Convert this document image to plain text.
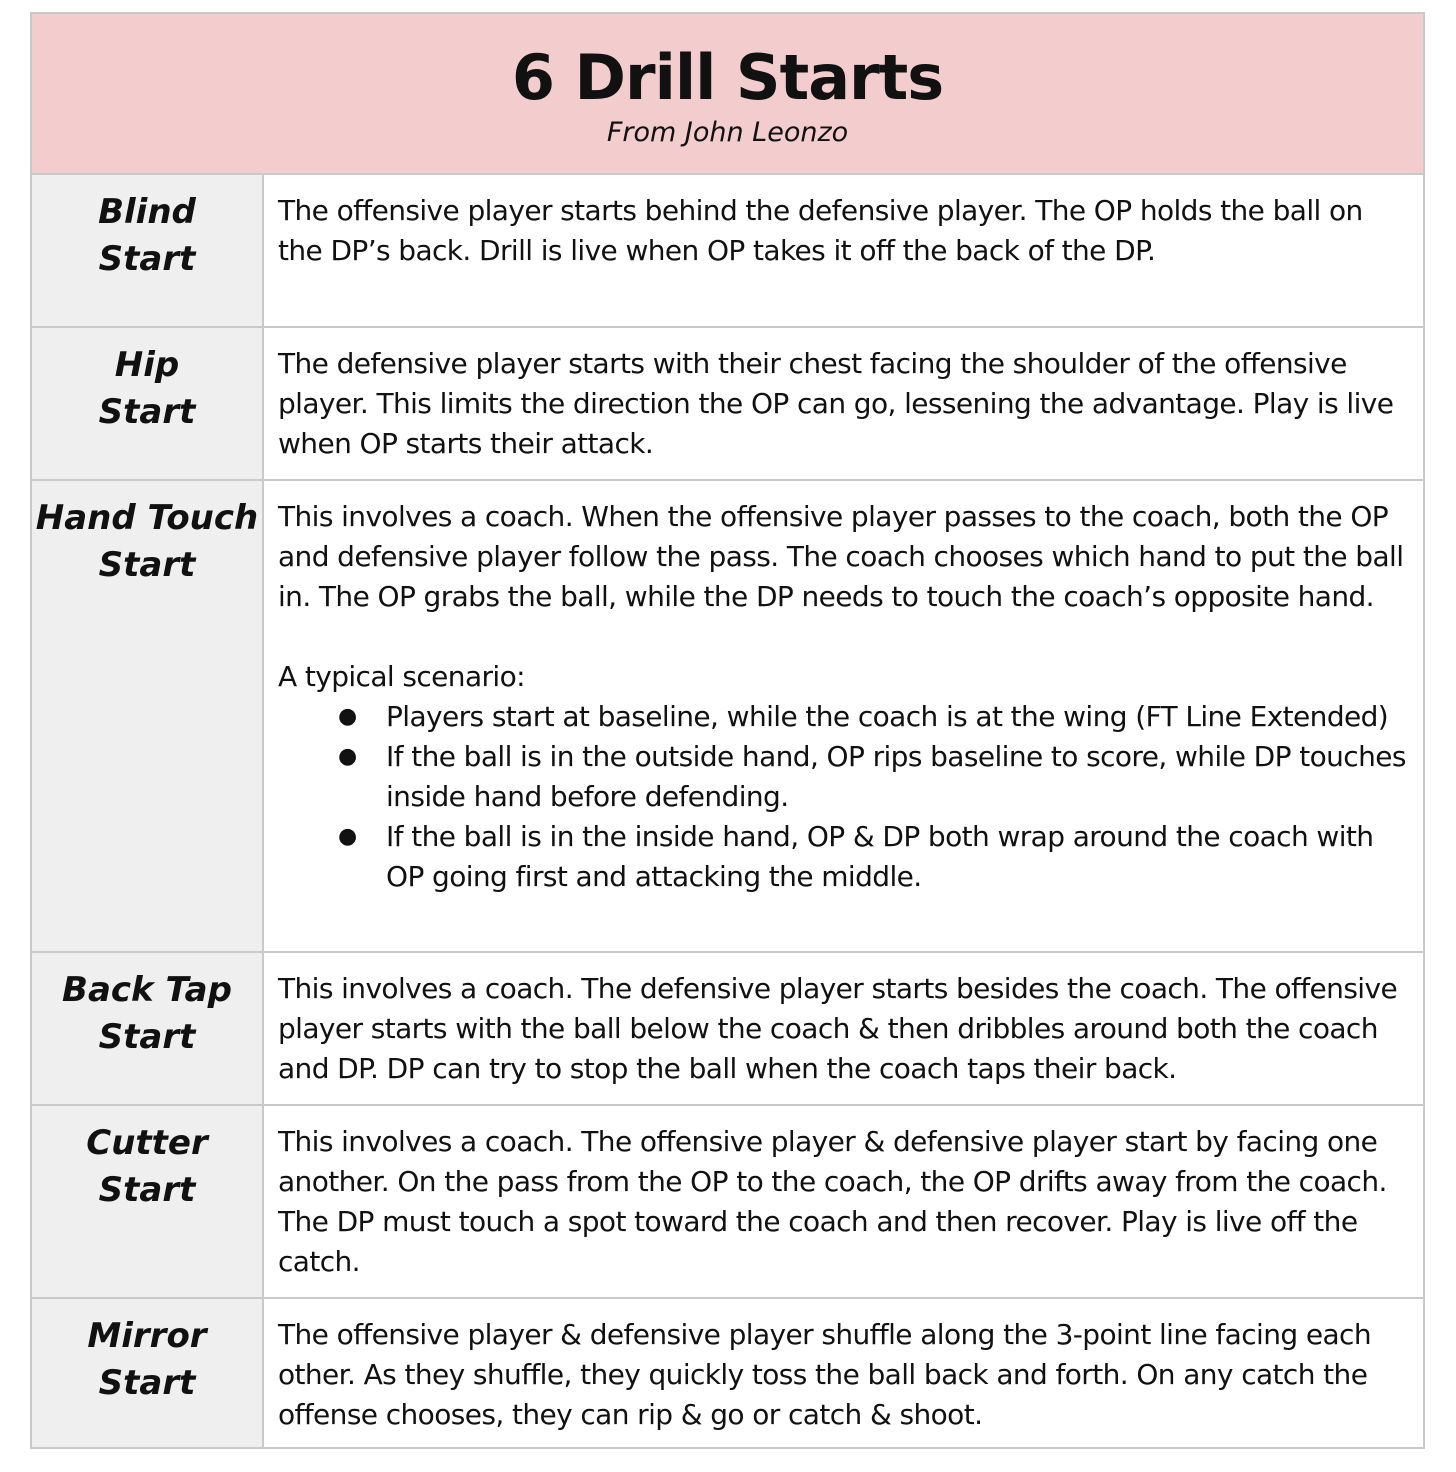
6 Drill Starts
From John Leonzo
Blind
Start

The offensive player starts behind the defensive player. The OP holds the ball on the DP’s back. Drill is live when OP takes it off the back of the DP.

Hip
Start

The defensive player starts with their chest facing the shoulder of the offensive player. This limits the direction the OP can go, lessening the advantage. Play is live when OP starts their attack.

Hand Touch
Start

This involves a coach. When the offensive player passes to the coach, both the OP and defensive player follow the pass. The coach chooses which hand to put the ball in. The OP grabs the ball, while the DP needs to touch the coach’s opposite hand.

A typical scenario:

● Players start at baseline, while the coach is at the wing (FT Line Extended)
● If the ball is in the outside hand, OP rips baseline to score, while DP touches inside hand before defending.
● If the ball is in the inside hand, OP & DP both wrap around the coach with OP going first and attacking the middle.
Back Tap
Start

This involves a coach. The defensive player starts besides the coach. The offensive player starts with the ball below the coach & then dribbles around both the coach and DP. DP can try to stop the ball when the coach taps their back.

Cutter
Start

This involves a coach. The offensive player & defensive player start by facing one another. On the pass from the OP to the coach, the OP drifts away from the coach. The DP must touch a spot toward the coach and then recover. Play is live off the catch.

Mirror
Start

The offensive player & defensive player shuffle along the 3-point line facing each other. As they shuffle, they quickly toss the ball back and forth. On any catch the offense chooses, they can rip & go or catch & shoot.
